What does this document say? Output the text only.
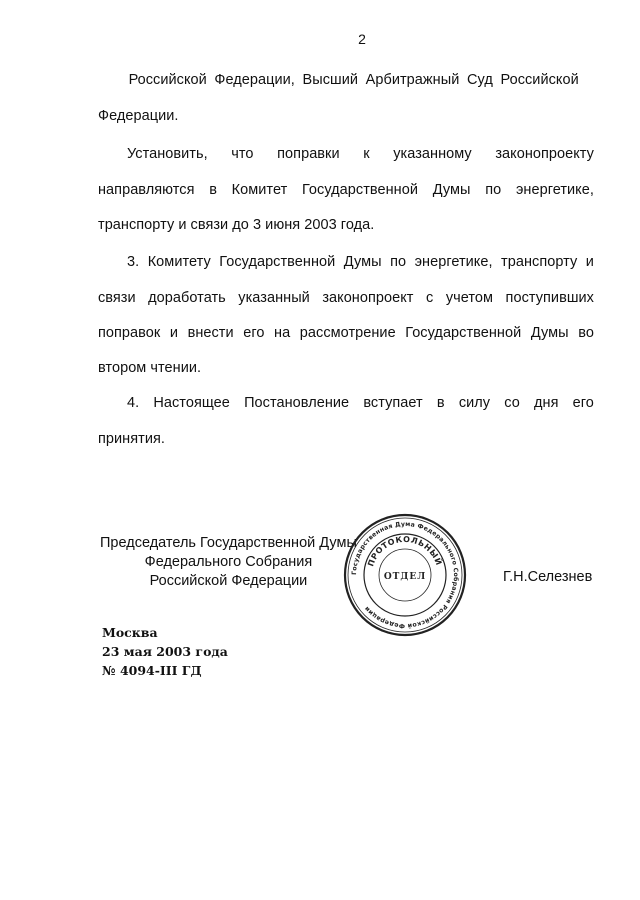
2
Российской Федерации, Высший Арбитражный Суд Российской
Федерации.
Установить, что поправки к указанному законопроекту
направляются в Комитет Государственной Думы по энергетике,
транспорту и связи до 3 июня 2003 года.
3. Комитету Государственной Думы по энергетике, транспорту и
связи доработать указанный законопроект с учетом поступивших
поправок и внести его на рассмотрение Государственной Думы во
втором чтении.
4. Настоящее Постановление вступает в силу со дня его
принятия.
Председатель Государственной Думы
Федерального Собрания
Российской Федерации
Государственная Дума Федерального Собрания Российской Федерации
ПРОТОКОЛЬНЫЙ
ОТДЕЛ	Г.Н.Селезнев
Москва
23 мая 2003 года
№ 4094-III ГД
